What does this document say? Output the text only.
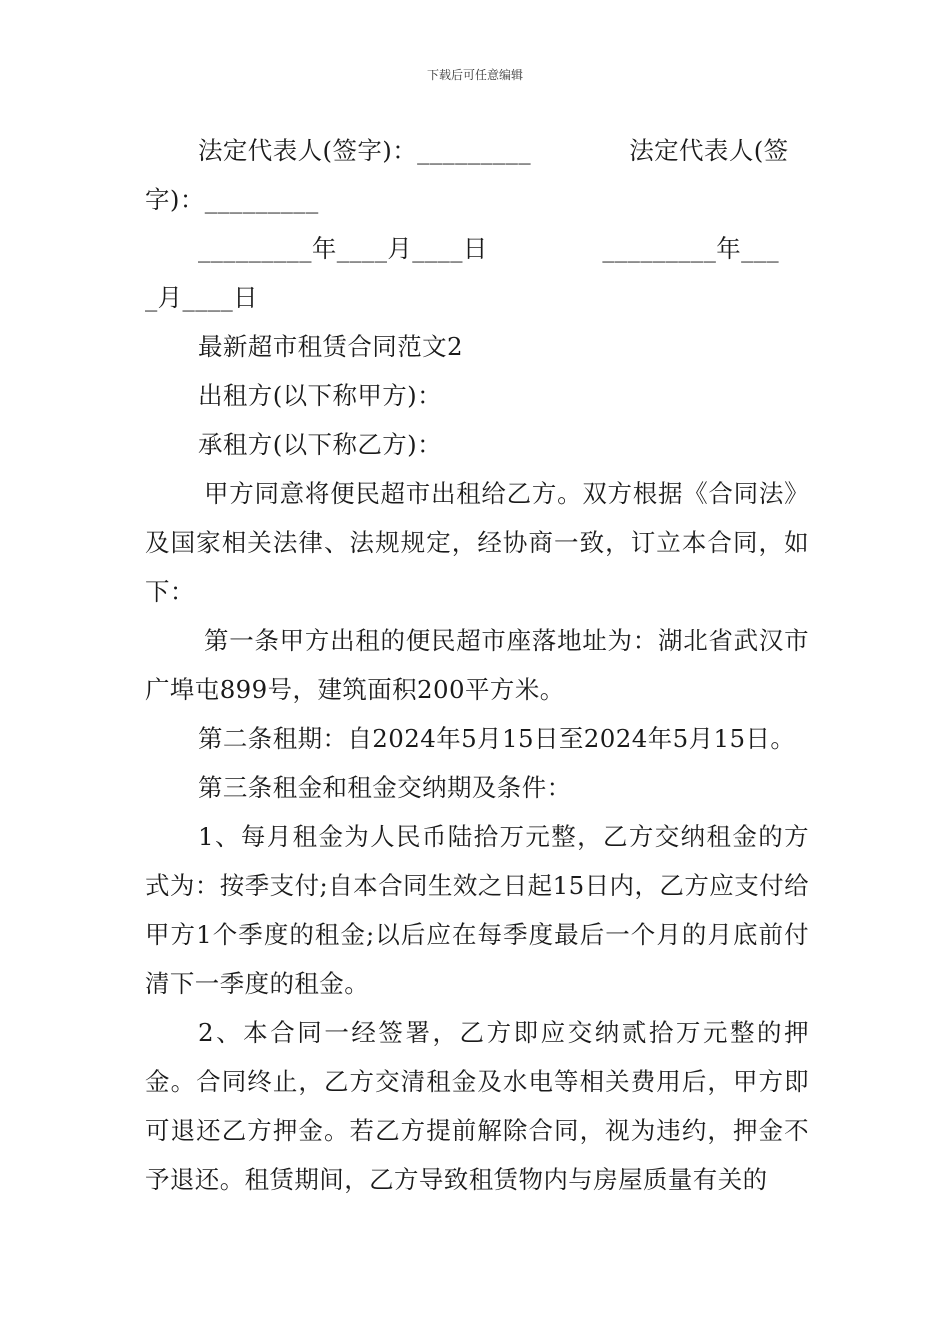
下载后可任意编辑

法定代表人(签字)：_________            法定代表人(签

字)：_________

_________年____月____日              _________年___

_月____日

最新超市租赁合同范文2

出租方(以下称甲方)：

承租方(以下称乙方)：

甲方同意将便民超市出租给乙方。双方根据《合同法》及国家相关法律、法规规定，经协商一致，订立本合同，如下：

第一条甲方出租的便民超市座落地址为：湖北省武汉市广埠屯899号，建筑面积200平方米。

第二条租期：自2024年5月15日至2024年5月15日。

第三条租金和租金交纳期及条件：

1、每月租金为人民币陆拾万元整，乙方交纳租金的方式为：按季支付;自本合同生效之日起15日内，乙方应支付给甲方1个季度的租金;以后应在每季度最后一个月的月底前付清下一季度的租金。

2、本合同一经签署，乙方即应交纳贰拾万元整的押金。合同终止，乙方交清租金及水电等相关费用后，甲方即可退还乙方押金。若乙方提前解除合同，视为违约，押金不予退还。租赁期间，乙方导致租赁物内与房屋质量有关的
